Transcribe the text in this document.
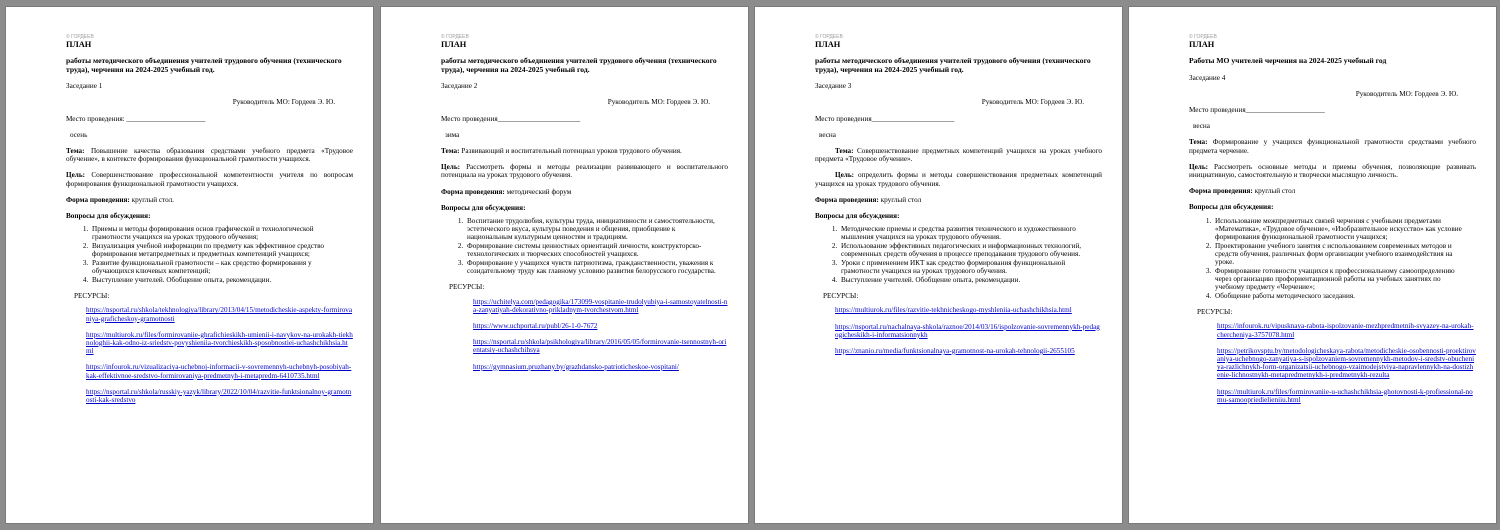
© ГОРДЕЕВ
ПЛАН
работы методического объединения учителей трудового обучения (технического труда), черчения на 2024-2025 учебный год.
Заседание 1
Руководитель МО: Гордеев Э. Ю.
Место проведения: ______________________
осень
Тема: Повышение качества образования средствами учебного предмета «Трудовое обучение», в контексте формирования функциональной грамотности учащихся.
Цель: Совершенствование профессиональной компетентности учителя по вопросам формирования функциональной грамотности учащихся.
Форма проведения: круглый стол.
Вопросы для обсуждения:
1. Приемы и методы формирования основ графической и технологической грамотности учащихся на уроках трудового обучения;
2. Визуализация учебной информации по предмету как эффективное средство формирования метапредметных и предметных компетенций учащихся;
3. Развитие функциональной грамотности – как средство формирования у обучающихся ключевых компетенций;
4. Выступление учителей. Обобщение опыта, рекомендации.
РЕСУРСЫ:
https://nsportal.ru/shkola/tekhnologiya/library/2013/04/15/metodicheskie-aspekty-formirovaniya-graficheskoy-gramotnosti
https://multiurok.ru/files/formirovaniie-ghrafichieskikh-umienii-i-navykov-na-urokakh-tiekhnologhii-kak-odno-iz-sriedstv-povyshieniia-tvorchieskikh-sposobnostiei-uchashchikhsia.html
https://infourok.ru/vizualizaciya-uchebnoj-informacii-v-sovremennyh-uchebnyh-posobiyah-kak-effektivnoe-sredstvo-formirovaniya-predmetnyh-i-metapredm-6410735.html
https://nsportal.ru/shkola/russkiy-yazyk/library/2022/10/04/razvitie-funktsionalnoy-gramotnosti-kak-sredstvo
© ГОРДЕЕВ
ПЛАН
работы методического объединения учителей трудового обучения (технического труда), черчения на 2024-2025 учебный год.
Заседание 2
Руководитель МО: Гордеев Э. Ю.
Место проведения_______________________
зима
Тема: Развивающий и воспитательный потенциал уроков трудового обучения.
Цель: Рассмотреть формы и методы реализации развивающего и воспитательного потенциала на уроках трудового обучения.
Форма проведения: методический форум
Вопросы для обсуждения:
1. Воспитание трудолюбия, культуры труда, инициативности и самостоятельности, эстетического вкуса, культуры поведения и общения, приобщение к национальным культурным ценностям и традициям.
2. Формирование системы ценностных ориентаций личности, конструкторско-технологических и творческих способностей учащихся.
3. Формирование у учащихся чувств патриотизма, гражданственности, уважения к созидательному труду как главному условию развития белорусского государства.
РЕСУРСЫ:
https://uchitelya.com/pedagogika/173099-vospitanie-trudolyubiya-i-samostoyatelnosti-na-zanyatiyah-dekorativno-prikladnym-tvorchestvom.html
https://www.uchportal.ru/publ/26-1-0-7672
https://nsportal.ru/shkola/psikhologiya/library/2016/05/05/formirovanie-tsennostnyh-orientatsiy-uchashchihsya
https://gymnasium.pruzhany.by/grazhdansko-patrioticheskoe-vospitani/
© ГОРДЕЕВ
ПЛАН
работы методического объединения учителей трудового обучения (технического труда), черчения на 2024-2025 учебный год.
Заседание 3
Руководитель МО: Гордеев Э. Ю.
Место проведения_______________________
весна
Тема: Совершенствование предметных компетенций учащихся на уроках учебного предмета «Трудовое обучение».
Цель: определить формы и методы совершенствования предметных компетенций учащихся на уроках трудового обучения.
Форма проведения: круглый стол
Вопросы для обсуждения:
1. Методические приемы и средства развития технического и художественного мышления учащихся на уроках трудового обучения.
2. Использование эффективных педагогических и информационных технологий, современных средств обучения в процессе преподавания трудового обучения.
3. Уроки с применением ИКТ как средство формирования функциональной грамотности учащихся на уроках трудового обучения.
4. Выступление учителей. Обобщение опыта, рекомендации.
РЕСУРСЫ:
https://multiurok.ru/files/razvitie-tekhnicheskogo-myshleniia-uchashchikhsia.html
https://nsportal.ru/nachalnaya-shkola/raznoe/2014/03/16/ispolzovanie-sovremennykh-pedagogicheskikh-i-informatsionnykh
https://znanio.ru/media/funktsionalnaya-gramotnost-na-urokah-tehnologii-2655105
© ГОРДЕЕВ
ПЛАН
Работы МО учителей черчения на 2024-2025 учебный год
Заседание 4
Руководитель МО: Гордеев Э. Ю.
Место проведения______________________
весна
Тема: Формирование у учащихся функциональной грамотности средствами учебного предмета черчение.
Цель: Рассмотреть основные методы и приемы обучения, позволяющие развивать инициативную, самостоятельную и творчески мыслящую личность.
Форма проведения: круглый стол
Вопросы для обсуждения:
1. Использование межпредметных связей черчения с учебными предметами «Математика», «Трудовое обучение», «Изобразительное искусство» как условие формирования функциональной грамотности учащихся;
2. Проектирование учебного занятия с использованием современных методов и средств обучения, различных форм организации учебного взаимодействия на уроке.
3. Формирование готовности учащихся к профессиональному самоопределению через организацию профориентационной работы на учебных занятиях по учебному предмету «Черчение»;
4. Обобщение работы методического заседания.
РЕСУРСЫ:
https://infourok.ru/vipusknaya-rabota-ispolzovanie-mezhpredmetnih-svyazey-na-urokah-chercheniya-3757078.html
https://petrikovsptu.by/metodologicheskaya-rabota/metodicheskie-osobennosti-proektirovaniya-uchebnogo-zanyatiya-s-ispolzovaniem-sovremennykh-metodov-i-sredstv-obucheniya-razlichnykh-form-organizatsii-uchebnogo-vzaimodejstviya-napravlennykh-na-dostizhenie-lichnostnykh-metapredmetnykh-i-predmetnykh-rezulta
https://multiurok.ru/files/formirovaniie-u-uchashchikhsia-ghotovnosti-k-profiessional-nomu-samoopriedielieniiu.html
